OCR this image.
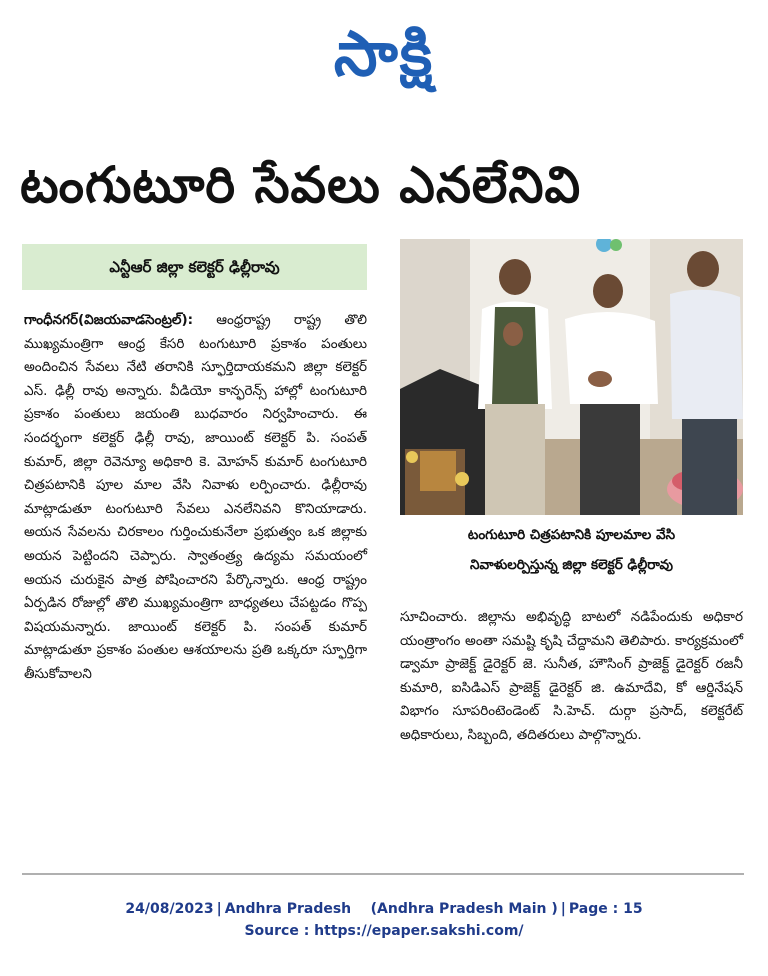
సాక్షి
టంగుటూరి సేవలు ఎనలేనివి
ఎన్టీఆర్‌ జిల్లా కలెక్టర్‌ ఢిల్లీరావు

గాంధీనగర్‌(విజయవాడసెంట్రల్‌): ఆంధ్రరాష్ట్ర రాష్ట్ర తొలి ముఖ్యమంత్రిగా ఆంధ్ర కేసరి టంగుటూరి ప్రకాశం పంతులు అందించిన సేవలు నేటి తరానికి స్ఫూర్తిదాయకమని జిల్లా కలెక్టర్‌ ఎస్‌. ఢిల్లీ రావు అన్నారు. వీడియో కాన్ఫరెన్స్‌ హాల్లో టంగుటూరి ప్రకాశం పంతులు జయంతి బుధవారం నిర్వహించారు. ఈ సందర్భంగా కలెక్టర్‌ ఢిల్లీ రావు, జాయింట్‌ కలెక్టర్‌ పి. సంపత్‌ కుమార్‌, జిల్లా రెవెన్యూ అధికారి కె. మోహన్‌ కుమార్‌ టంగుటూరి చిత్రపటానికి పూల మాల వేసి నివాళు లర్పించారు. ఢిల్లీరావు మాట్లాడుతూ టంగుటూరి సేవలు ఎనలేనివని కొనియాడారు. అయన సేవలను చిరకాలం గుర్తించుకునేలా ప్రభుత్వం ఒక జిల్లాకు అయన పెట్టిందని చెప్పారు. స్వాతంత్ర్య ఉద్యమ సమయంలో అయన చురుకైన పాత్ర పోషించారని పేర్కొన్నారు. ఆంధ్ర రాష్ట్రం ఏర్పడిన రోజుల్లో తొలి ముఖ్యమంత్రిగా బాధ్యతలు చేపట్టడం గొప్ప విషయమన్నారు. జాయింట్‌ కలెక్టర్‌ పి. సంపత్‌ కుమార్‌ మాట్లాడుతూ ప్రకాశం పంతుల ఆశయాలను ప్రతి ఒక్కరూ స్ఫూర్తిగా తీసుకోవాలని

టంగుటూరి చిత్రపటానికి పూలమాల వేసి
నివాళులర్పిస్తున్న జిల్లా కలెక్టర్‌ ఢిల్లీరావు

సూచించారు. జిల్లాను అభివృద్ధి బాటలో నడిపేందుకు అధికార యంత్రాంగం అంతా సమష్టి కృషి చేద్దామని తెలిపారు. కార్యక్రమంలో డ్వామా ప్రాజెక్ట్‌ డైరెక్టర్‌ జె. సునీత, హౌసింగ్‌ ప్రాజెక్ట్‌ డైరెక్టర్‌ రజనీ కుమారి, ఐసిడిఎస్‌ ప్రాజెక్ట్‌ డైరెక్టర్‌ జి. ఉమాదేవి, కో ఆర్డినేషన్‌ విభాగం సూపరింటెండెంట్‌ సి.హెచ్‌. దుర్గా ప్రసాద్‌, కలెక్టరేట్‌ అధికారులు, సిబ్బంది, తదితరులు పాల్గొన్నారు.

24/08/2023 | Andhra Pradesh (Andhra Pradesh Main ) | Page : 15
Source : https://epaper.sakshi.com/
